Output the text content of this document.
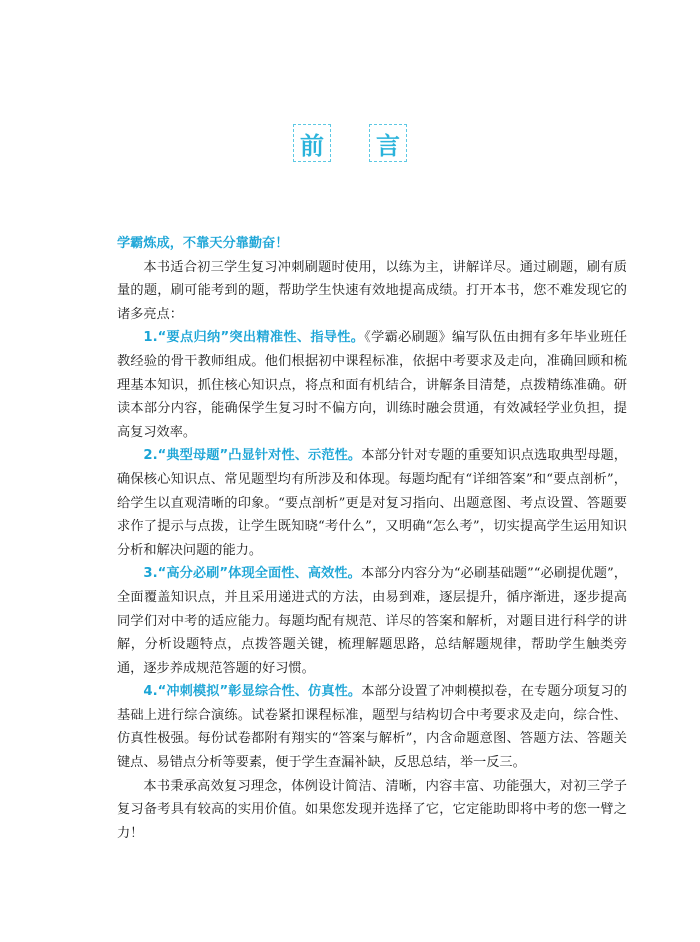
前 言

学霸炼成，不靠天分靠勤奋！

本书适合初三学生复习冲刺刷题时使用，以练为主，讲解详尽。通过刷题，刷有质量的题，刷可能考到的题，帮助学生快速有效地提高成绩。打开本书，您不难发现它的诸多亮点：

1.“要点归纳”突出精准性、指导性。《学霸必刷题》编写队伍由拥有多年毕业班任教经验的骨干教师组成。他们根据初中课程标准，依据中考要求及走向，准确回顾和梳理基本知识，抓住核心知识点，将点和面有机结合，讲解条目清楚，点拨精练准确。研读本部分内容，能确保学生复习时不偏方向，训练时融会贯通，有效减轻学业负担，提高复习效率。

2.“典型母题”凸显针对性、示范性。本部分针对专题的重要知识点选取典型母题，确保核心知识点、常见题型均有所涉及和体现。每题均配有“详细答案”和“要点剖析”，给学生以直观清晰的印象。“要点剖析”更是对复习指向、出题意图、考点设置、答题要求作了提示与点拨，让学生既知晓“考什么”，又明确“怎么考”，切实提高学生运用知识分析和解决问题的能力。

3.“高分必刷”体现全面性、高效性。本部分内容分为“必刷基础题”“必刷提优题”，全面覆盖知识点，并且采用递进式的方法，由易到难，逐层提升，循序渐进，逐步提高同学们对中考的适应能力。每题均配有规范、详尽的答案和解析，对题目进行科学的讲解，分析设题特点，点拨答题关键，梳理解题思路，总结解题规律，帮助学生触类旁通，逐步养成规范答题的好习惯。

4.“冲刺模拟”彰显综合性、仿真性。本部分设置了冲刺模拟卷，在专题分项复习的基础上进行综合演练。试卷紧扣课程标准，题型与结构切合中考要求及走向，综合性、仿真性极强。每份试卷都附有翔实的“答案与解析”，内含命题意图、答题方法、答题关键点、易错点分析等要素，便于学生查漏补缺，反思总结，举一反三。

本书秉承高效复习理念，体例设计简洁、清晰，内容丰富、功能强大，对初三学子复习备考具有较高的实用价值。如果您发现并选择了它，它定能助即将中考的您一臂之力！
